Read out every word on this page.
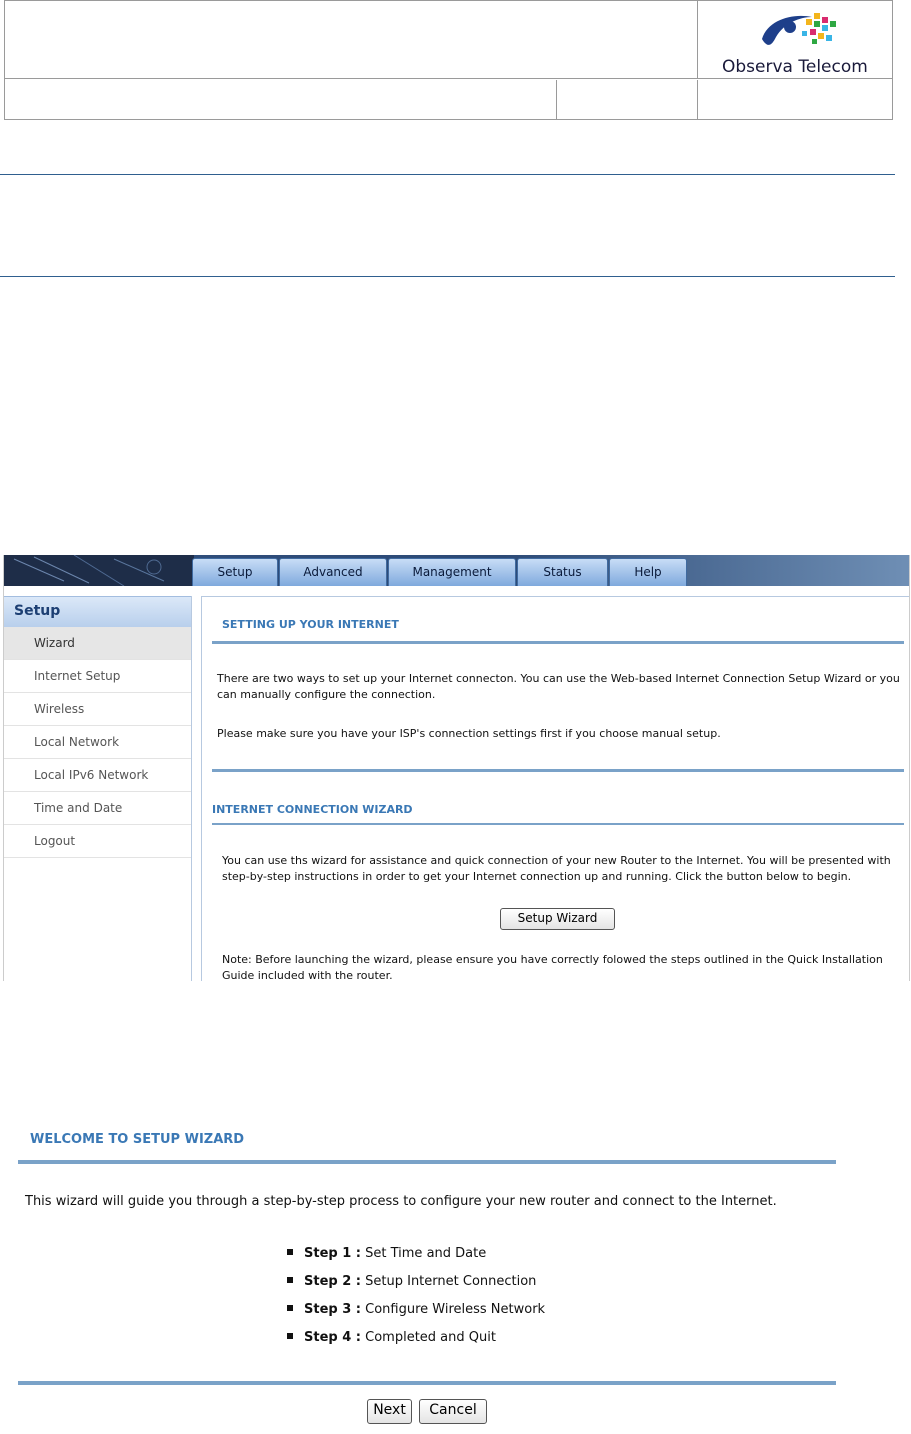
Observa Telecom
Setup	Advanced	Management	Status	Help
Setup
Wizard
Internet Setup
Wireless
Local Network
Local IPv6 Network
Time and Date
Logout
SETTING UP YOUR INTERNET
There are two ways to set up your Internet connecton. You can use the Web-based Internet Connection Setup Wizard or you can manually configure the connection.
Please make sure you have your ISP's connection settings first if you choose manual setup.
INTERNET CONNECTION WIZARD
You can use ths wizard for assistance and quick connection of your new Router to the Internet. You will be presented with step-by-step instructions in order to get your Internet connection up and running. Click the button below to begin.
Setup Wizard
Note: Before launching the wizard, please ensure you have correctly folowed the steps outlined in the Quick Installation Guide included with the router.
WELCOME TO SETUP WIZARD
This wizard will guide you through a step-by-step process to configure your new router and connect to the Internet.
Step 1 : Set Time and Date
Step 2 : Setup Internet Connection
Step 3 : Configure Wireless Network
Step 4 : Completed and Quit
Next	Cancel
